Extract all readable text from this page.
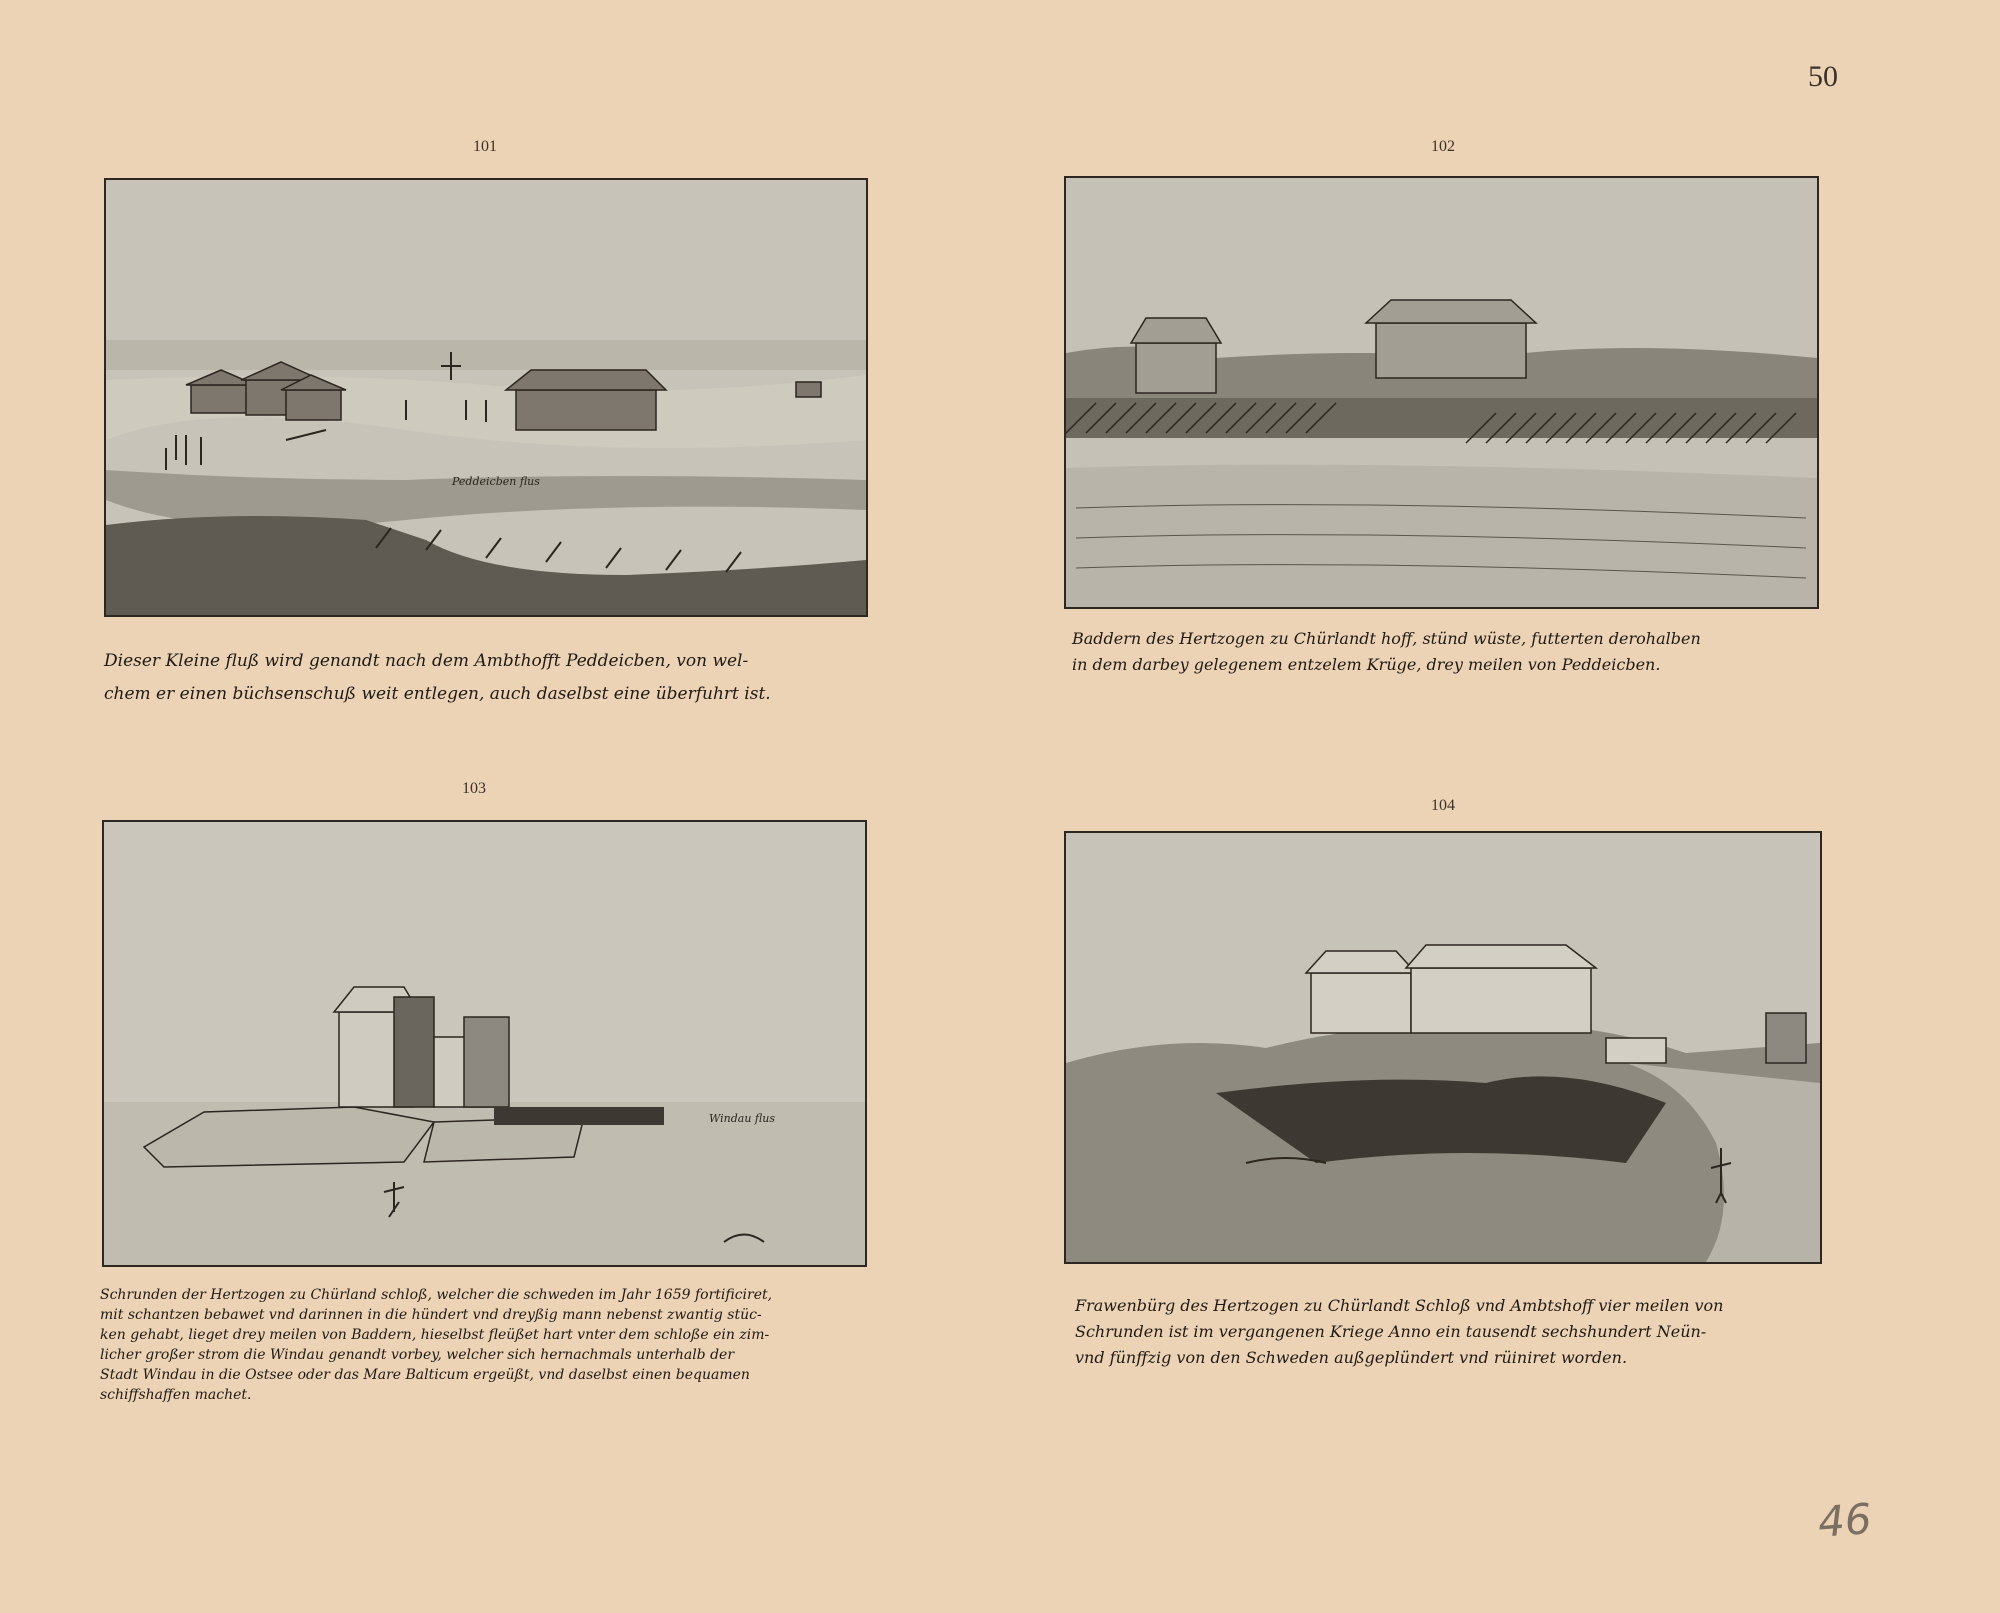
50
101
Peddeicben flus
Dieser Kleine fluß wird genandt nach dem Ambthofft Peddeicben, von wel-
chem er einen büchsenschuß weit entlegen, auch daselbst eine überfuhrt ist.
102
Baddern des Hertzogen zu Chürlandt hoff, stünd wüste, futterten derohalben
in dem darbey gelegenem entzelem Krüge, drey meilen von Peddeicben.
103
Windau flus
Schrunden der Hertzogen zu Chürland schloß, welcher die schweden im Jahr 1659 fortificiret,
mit schantzen bebawet vnd darinnen in die hündert vnd dreyßig mann nebenst zwantig stüc-
ken gehabt, lieget drey meilen von Baddern, hieselbst fleüßet hart vnter dem schloße ein zim-
licher großer strom die Windau genandt vorbey, welcher sich hernachmals unterhalb der
Stadt Windau in die Ostsee oder das Mare Balticum ergeüßt, vnd daselbst einen bequamen
schiffshaffen machet.
104
Frawenbürg des Hertzogen zu Chürlandt Schloß vnd Ambtshoff vier meilen von
Schrunden ist im vergangenen Kriege Anno ein tausendt sechshundert Neün-
vnd fünffzig von den Schweden außgeplündert vnd rüiniret worden.
46
